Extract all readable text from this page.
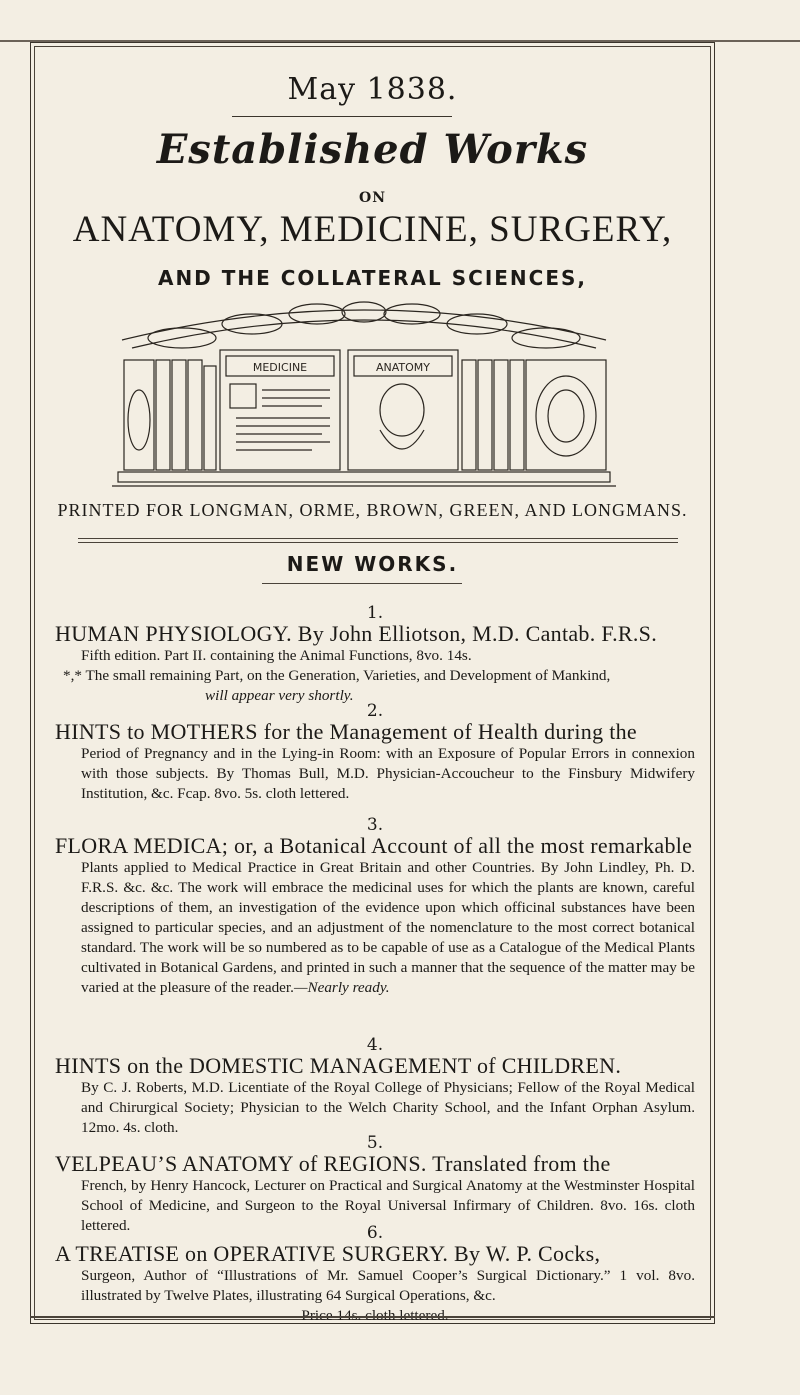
May 1838.
Established Works
ON
ANATOMY, MEDICINE, SURGERY,
AND THE COLLATERAL SCIENCES,
MEDICINE	ANATOMY
PRINTED FOR LONGMAN, ORME, BROWN, GREEN, AND LONGMANS.
NEW WORKS.
1.
HUMAN PHYSIOLOGY. By John Elliotson, M.D. Cantab. F.R.S.
Fifth edition. Part II. containing the Animal Functions, 8vo. 14s.
*,* The small remaining Part, on the Generation, Varieties, and Development of Mankind,
will appear very shortly.
2.
HINTS to MOTHERS for the Management of Health during the
Period of Pregnancy and in the Lying-in Room: with an Exposure of Popular Errors in connexion with those subjects. By Thomas Bull, M.D. Physician-Accoucheur to the Finsbury Midwifery Institution, &c. Fcap. 8vo. 5s. cloth lettered.
3.
FLORA MEDICA; or, a Botanical Account of all the most remarkable
Plants applied to Medical Practice in Great Britain and other Countries. By John Lindley, Ph. D. F.R.S. &c. &c. The work will embrace the medicinal uses for which the plants are known, careful descriptions of them, an investigation of the evidence upon which officinal substances have been assigned to particular species, and an adjustment of the nomenclature to the most correct botanical standard. The work will be so numbered as to be capable of use as a Catalogue of the Medical Plants cultivated in Botanical Gardens, and printed in such a manner that the sequence of the matter may be varied at the pleasure of the reader.—Nearly ready.
4.
HINTS on the DOMESTIC MANAGEMENT of CHILDREN.
By C. J. Roberts, M.D. Licentiate of the Royal College of Physicians; Fellow of the Royal Medical and Chirurgical Society; Physician to the Welch Charity School, and the Infant Orphan Asylum. 12mo. 4s. cloth.
5.
VELPEAU’S ANATOMY of REGIONS. Translated from the
French, by Henry Hancock, Lecturer on Practical and Surgical Anatomy at the Westminster Hospital School of Medicine, and Surgeon to the Royal Universal Infirmary of Children. 8vo. 16s. cloth lettered.	6.
A TREATISE on OPERATIVE SURGERY. By W. P. Cocks,
Surgeon, Author of “Illustrations of Mr. Samuel Cooper’s Surgical Dictionary.” 1 vol. 8vo. illustrated by Twelve Plates, illustrating 64 Surgical Operations, &c.
